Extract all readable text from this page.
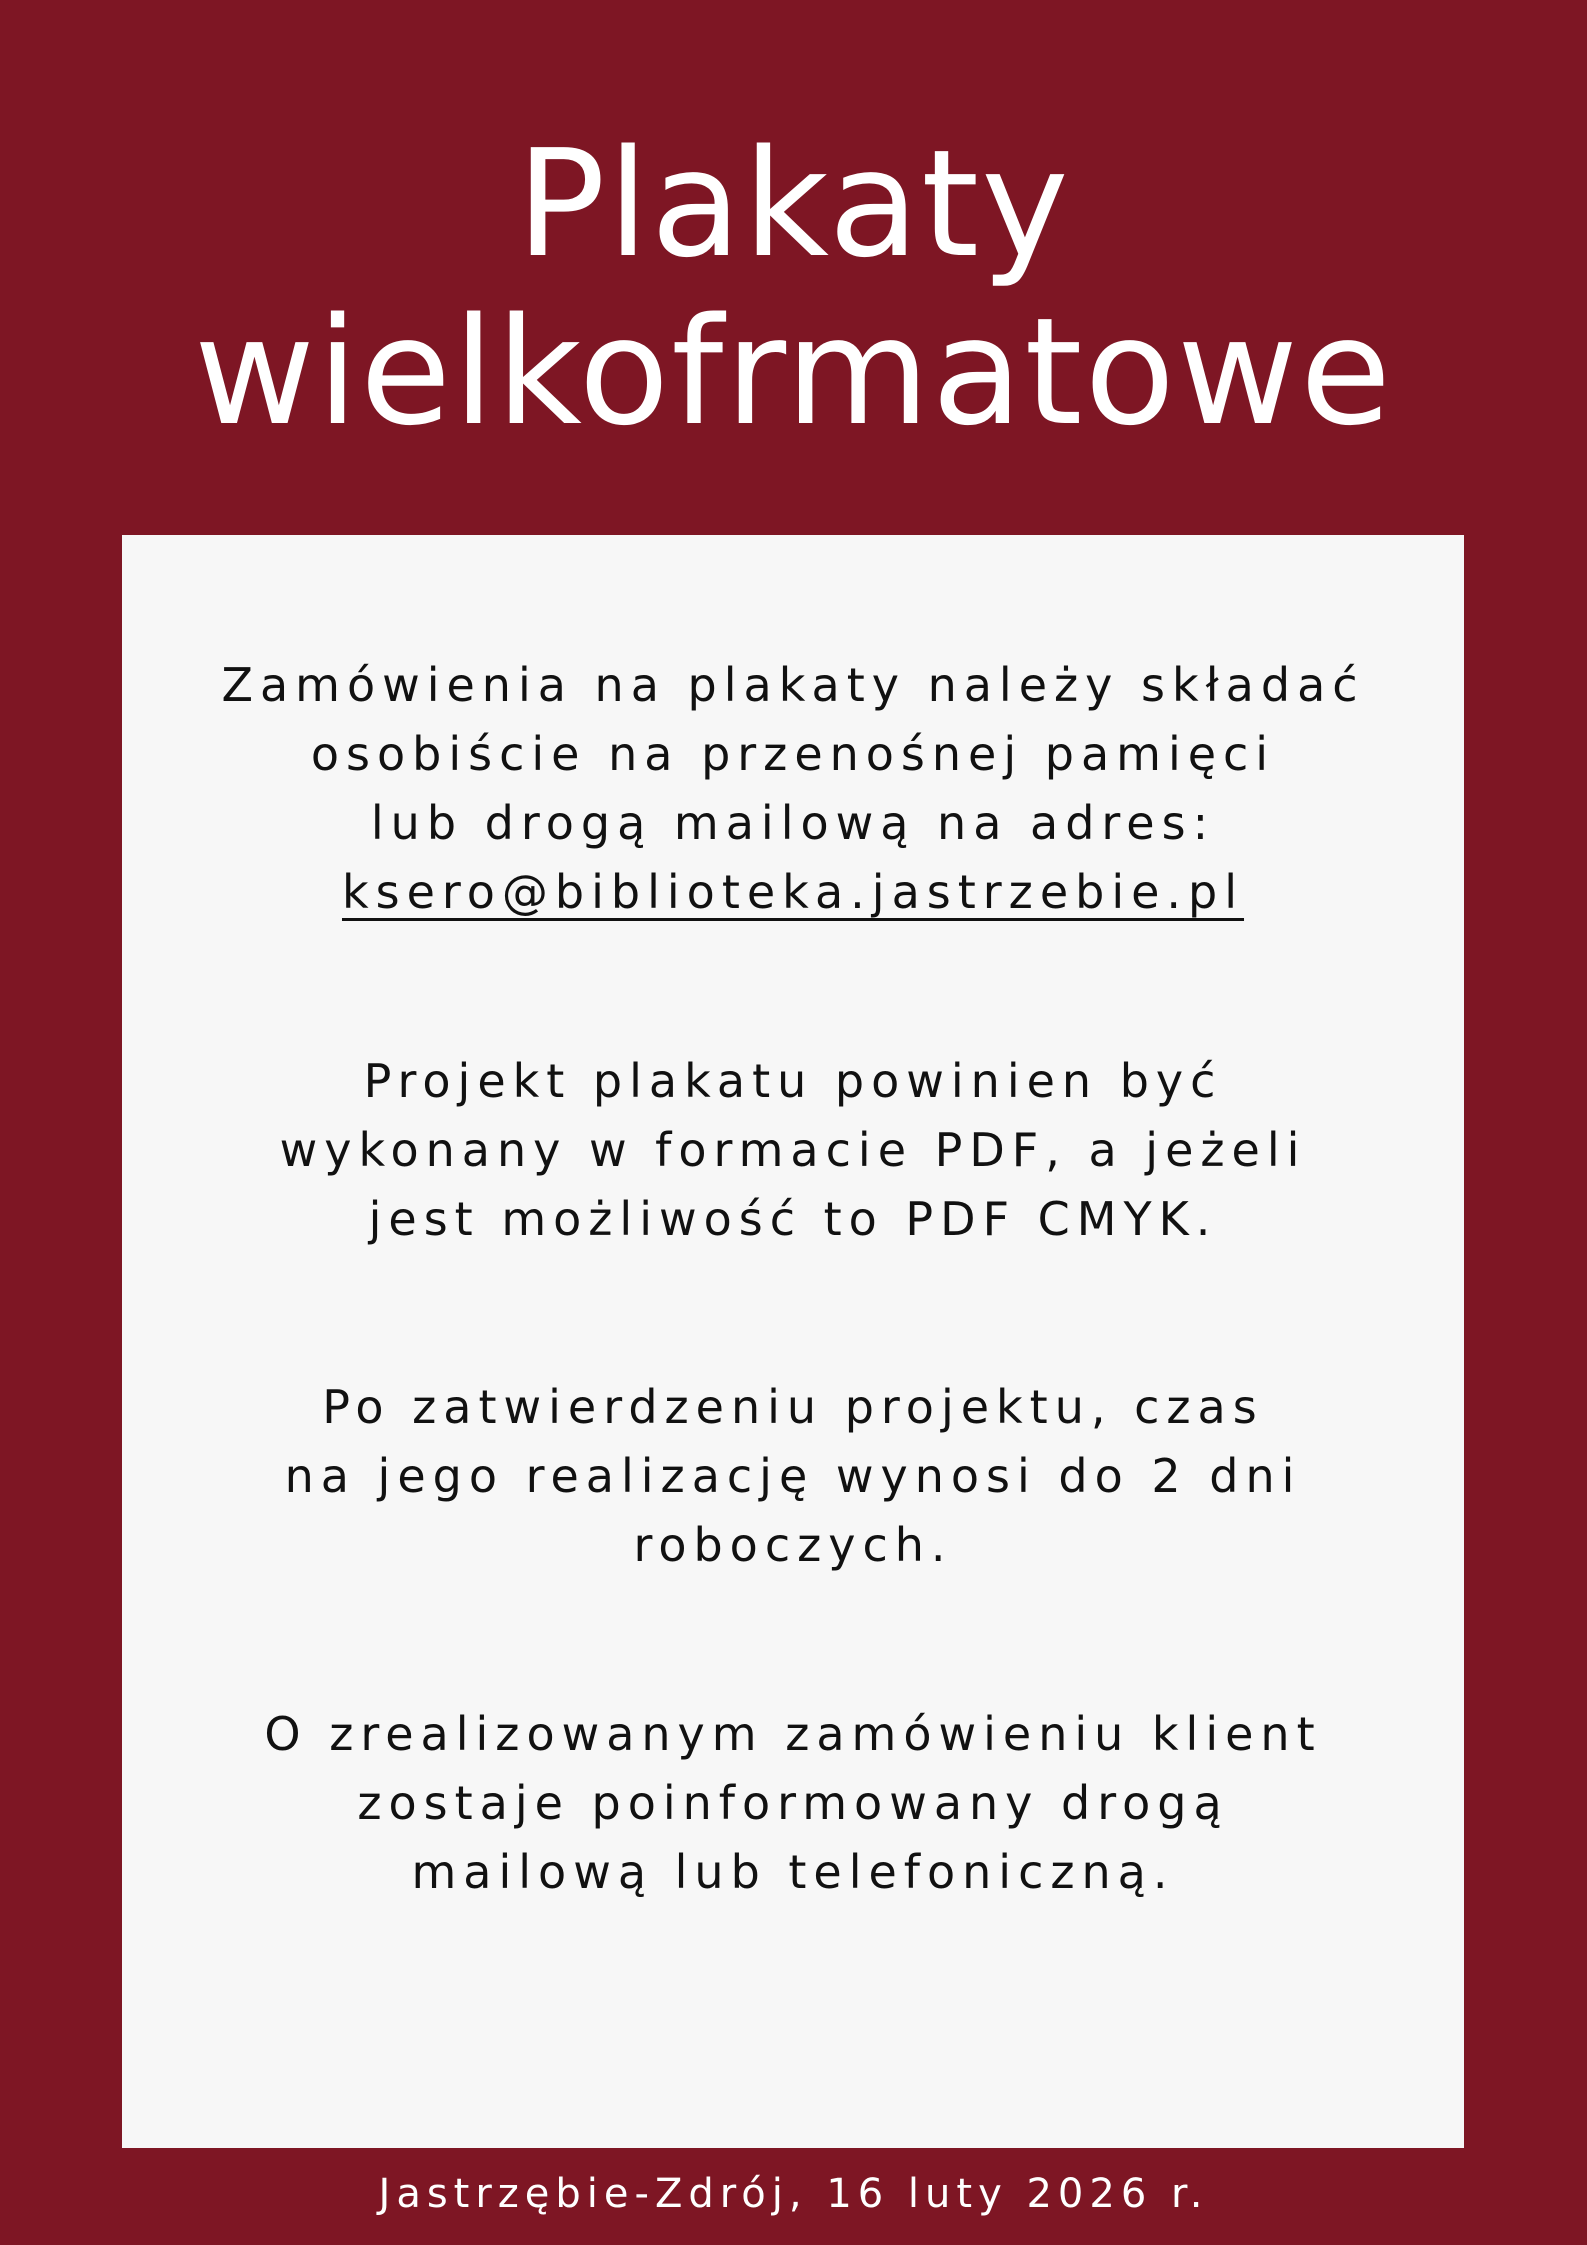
Plakaty
wielkofrmatowe

Zamówienia na plakaty należy składać
osobiście na przenośnej pamięci
lub drogą mailową na adres:
ksero@biblioteka.jastrzebie.pl

Projekt plakatu powinien być
wykonany w formacie PDF, a jeżeli
jest możliwość to PDF CMYK.

Po zatwierdzeniu projektu, czas
na jego realizację wynosi do 2 dni
roboczych.

O zrealizowanym zamówieniu klient
zostaje poinformowany drogą
mailową lub telefoniczną.

Jastrzębie-Zdrój, 16 luty 2026 r.
